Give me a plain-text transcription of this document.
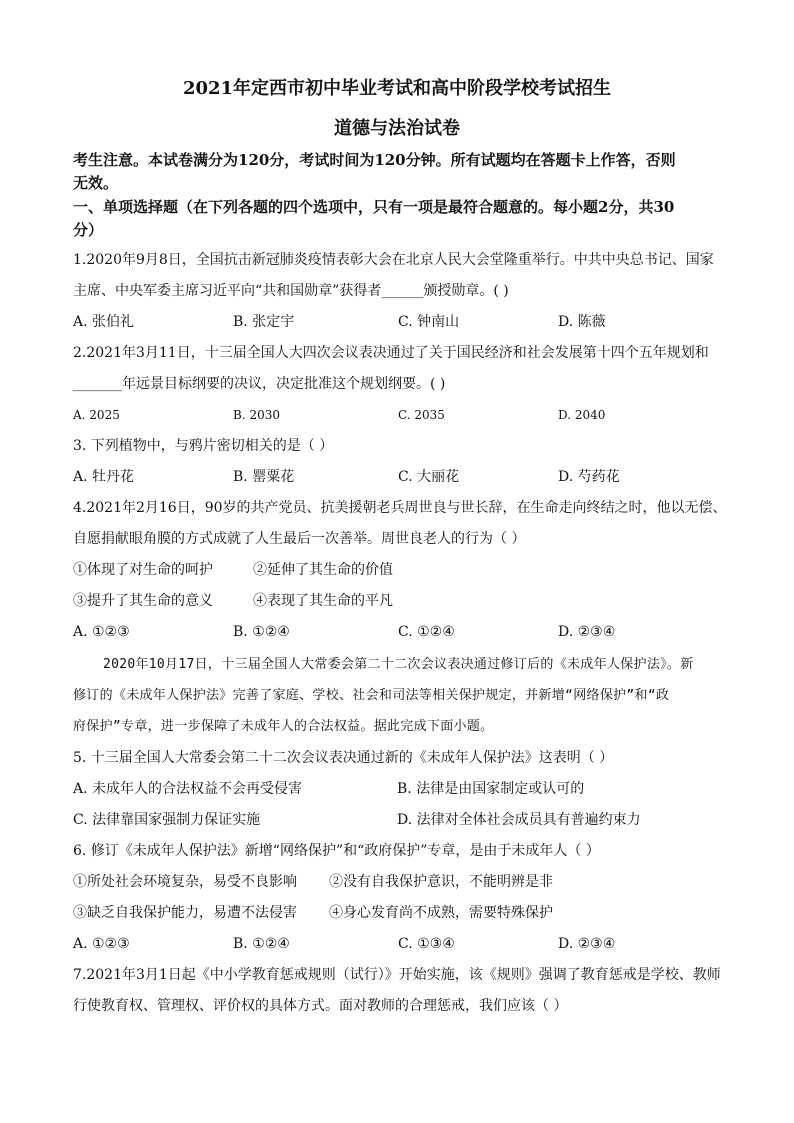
2021年定西市初中毕业考试和高中阶段学校考试招生
道德与法治试卷
考生注意。本试卷满分为120分，考试时间为120分钟。所有试题均在答题卡上作答，否则
无效。
一、单项选择题（在下列各题的四个选项中，只有一项是最符合题意的。每小题2分，共30
分）
1.2020年9月8日，全国抗击新冠肺炎疫情表彰大会在北京人民大会堂隆重举行。中共中央总书记、国家
主席、中央军委主席习近平向“共和国勋章”获得者______颁授勋章。( )
A. 张伯礼	B. 张定宇	C. 钟南山	D. 陈薇
2.2021年3月11日，十三届全国人大四次会议表决通过了关于国民经济和社会发展第十四个五年规划和
_______年远景目标纲要的决议，决定批准这个规划纲要。( )
A. 2025	B. 2030	C. 2035	D. 2040
3. 下列植物中，与鸦片密切相关的是（ ）
A. 牡丹花	B. 罂粟花	C. 大丽花	D. 芍药花
4.2021年2月16日，90岁的共产党员、抗美援朝老兵周世良与世长辞，在生命走向终结之时，他以无偿、
自愿捐献眼角膜的方式成就了人生最后一次善举。周世良老人的行为（ ）
①体现了对生命的呵护	②延伸了其生命的价值
③提升了其生命的意义	④表现了其生命的平凡
A. ①②③	B. ①②④	C. ①②④	D. ②③④
2020年10月17日，十三届全国人大常委会第二十二次会议表决通过修订后的《未成年人保护法》。新
修订的《未成年人保护法》完善了家庭、学校、社会和司法等相关保护规定，并新增“网络保护”和“政
府保护”专章，进一步保障了未成年人的合法权益。据此完成下面小题。
5. 十三届全国人大常委会第二十二次会议表决通过新的《未成年人保护法》这表明（ ）
A. 未成年人的合法权益不会再受侵害	B. 法律是由国家制定或认可的
C. 法律靠国家强制力保证实施	D. 法律对全体社会成员具有普遍约束力
6. 修订《未成年人保护法》新增“网络保护”和“政府保护”专章，是由于未成年人（ ）
①所处社会环境复杂，易受不良影响 ②没有自我保护意识，不能明辨是非
③缺乏自我保护能力，易遭不法侵害 ④身心发育尚不成熟，需要特殊保护
A. ①②③	B. ①②④	C. ①③④	D. ②③④
7.2021年3月1日起《中小学教育惩戒规则（试行）》开始实施，该《规则》强调了教育惩戒是学校、教师
行使教育权、管理权、评价权的具体方式。面对教师的合理惩戒，我们应该（ ）
